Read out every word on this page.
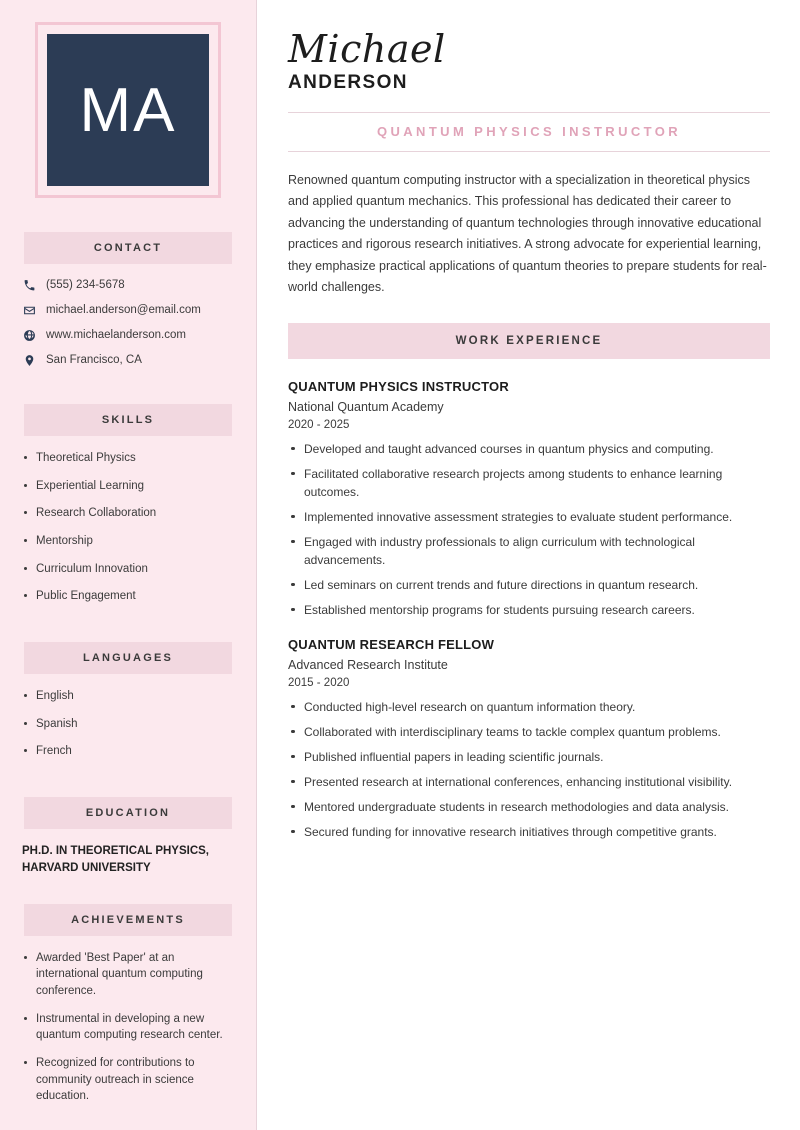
MA
CONTACT
(555) 234-5678
michael.anderson@email.com
www.michaelanderson.com
San Francisco, CA
SKILLS
Theoretical Physics
Experiential Learning
Research Collaboration
Mentorship
Curriculum Innovation
Public Engagement
LANGUAGES
English
Spanish
French
EDUCATION
PH.D. IN THEORETICAL PHYSICS, HARVARD UNIVERSITY
ACHIEVEMENTS
Awarded 'Best Paper' at an international quantum computing conference.
Instrumental in developing a new quantum computing research center.
Recognized for contributions to community outreach in science education.
Michael
ANDERSON
QUANTUM PHYSICS INSTRUCTOR

Renowned quantum computing instructor with a specialization in theoretical physics and applied quantum mechanics. This professional has dedicated their career to advancing the understanding of quantum technologies through innovative educational practices and rigorous research initiatives. A strong advocate for experiential learning, they emphasize practical applications of quantum theories to prepare students for real-world challenges.

WORK EXPERIENCE
QUANTUM PHYSICS INSTRUCTOR
National Quantum Academy
2020 - 2025
Developed and taught advanced courses in quantum physics and computing.
Facilitated collaborative research projects among students to enhance learning outcomes.
Implemented innovative assessment strategies to evaluate student performance.
Engaged with industry professionals to align curriculum with technological advancements.
Led seminars on current trends and future directions in quantum research.
Established mentorship programs for students pursuing research careers.
QUANTUM RESEARCH FELLOW
Advanced Research Institute
2015 - 2020
Conducted high-level research on quantum information theory.
Collaborated with interdisciplinary teams to tackle complex quantum problems.
Published influential papers in leading scientific journals.
Presented research at international conferences, enhancing institutional visibility.
Mentored undergraduate students in research methodologies and data analysis.
Secured funding for innovative research initiatives through competitive grants.
